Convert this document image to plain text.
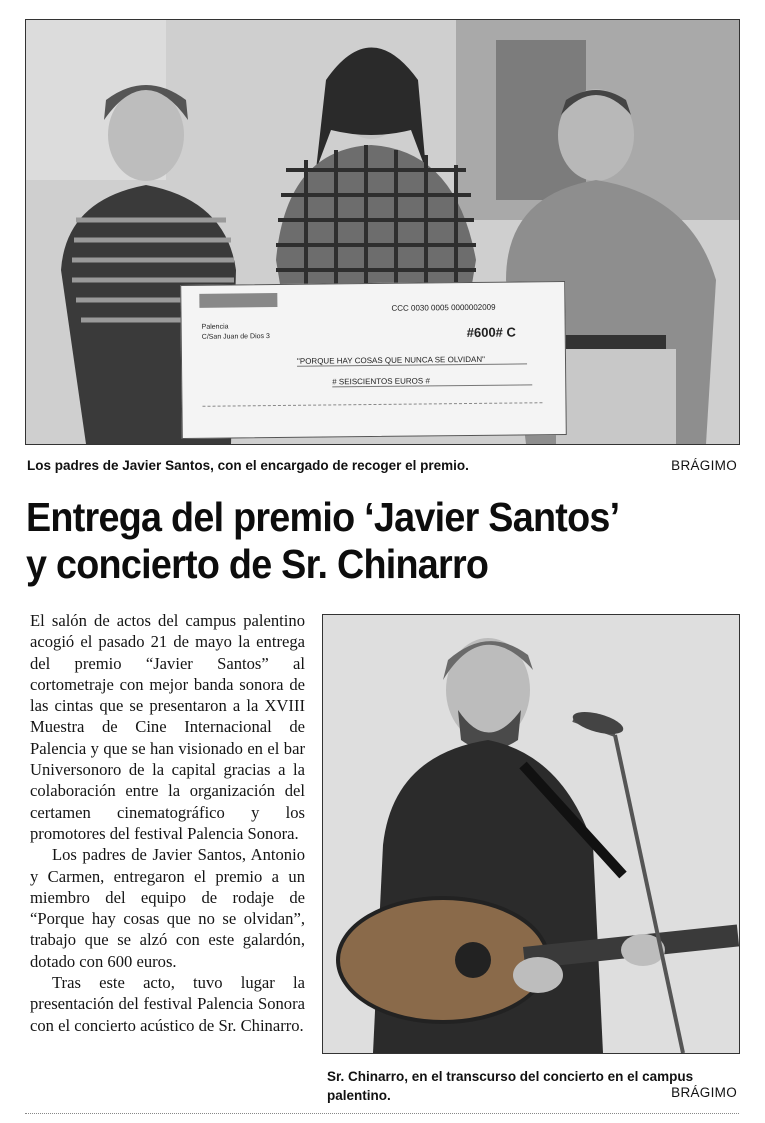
CCC 0030 0005 0000002009
Palencia
C/San Juan de Dios 3	#600# C
"PORQUE HAY COSAS QUE NUNCA SE OLVIDAN"
# SEISCIENTOS EUROS #
Los padres de Javier Santos, con el encargado de recoger el premio.	BRÁGIMO
Entrega del premio ‘Javier Santos’
y concierto de Sr. Chinarro

El salón de actos del campus palentino acogió el pasado 21 de mayo la entrega del premio “Javier Santos” al cortometraje con mejor banda sonora de las cintas que se presentaron a la XVIII Muestra de Cine Internacional de Palencia y que se han visionado en el bar Universonoro de la capital gracias a la colaboración entre la organización del certamen cinematográfico y los promotores del festival Palencia Sonora.

Los padres de Javier Santos, Antonio y Carmen, entregaron el premio a un miembro del equipo de rodaje de “Porque hay cosas que no se olvidan”, trabajo que se alzó con este galardón, dotado con 600 euros.

Tras este acto, tuvo lugar la presentación del festival Palencia Sonora con el concierto acústico de Sr. Chinarro.

Sr. Chinarro, en el transcurso del concierto en el campus palentino.	BRÁGIMO
